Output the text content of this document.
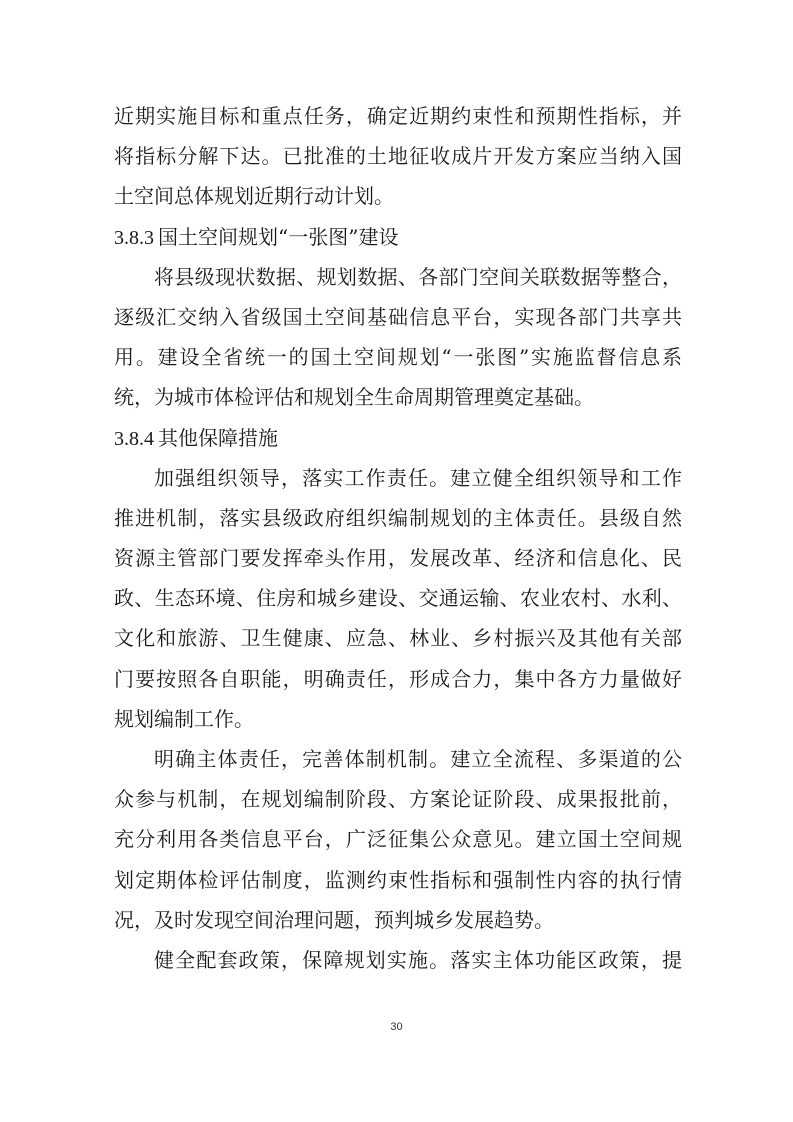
近期实施目标和重点任务，确定近期约束性和预期性指标，并
将指标分解下达。已批准的土地征收成片开发方案应当纳入国
土空间总体规划近期行动计划。
3.8.3 国土空间规划“一张图”建设
将县级现状数据、规划数据、各部门空间关联数据等整合，
逐级汇交纳入省级国土空间基础信息平台，实现各部门共享共
用。建设全省统一的国土空间规划“一张图”实施监督信息系
统，为城市体检评估和规划全生命周期管理奠定基础。
3.8.4 其他保障措施
加强组织领导，落实工作责任。建立健全组织领导和工作
推进机制，落实县级政府组织编制规划的主体责任。县级自然
资源主管部门要发挥牵头作用，发展改革、经济和信息化、民
政、生态环境、住房和城乡建设、交通运输、农业农村、水利、
文化和旅游、卫生健康、应急、林业、乡村振兴及其他有关部
门要按照各自职能，明确责任，形成合力，集中各方力量做好
规划编制工作。
明确主体责任，完善体制机制。建立全流程、多渠道的公
众参与机制，在规划编制阶段、方案论证阶段、成果报批前，
充分利用各类信息平台，广泛征集公众意见。建立国土空间规
划定期体检评估制度，监测约束性指标和强制性内容的执行情
况，及时发现空间治理问题，预判城乡发展趋势。
健全配套政策，保障规划实施。落实主体功能区政策，提
30
